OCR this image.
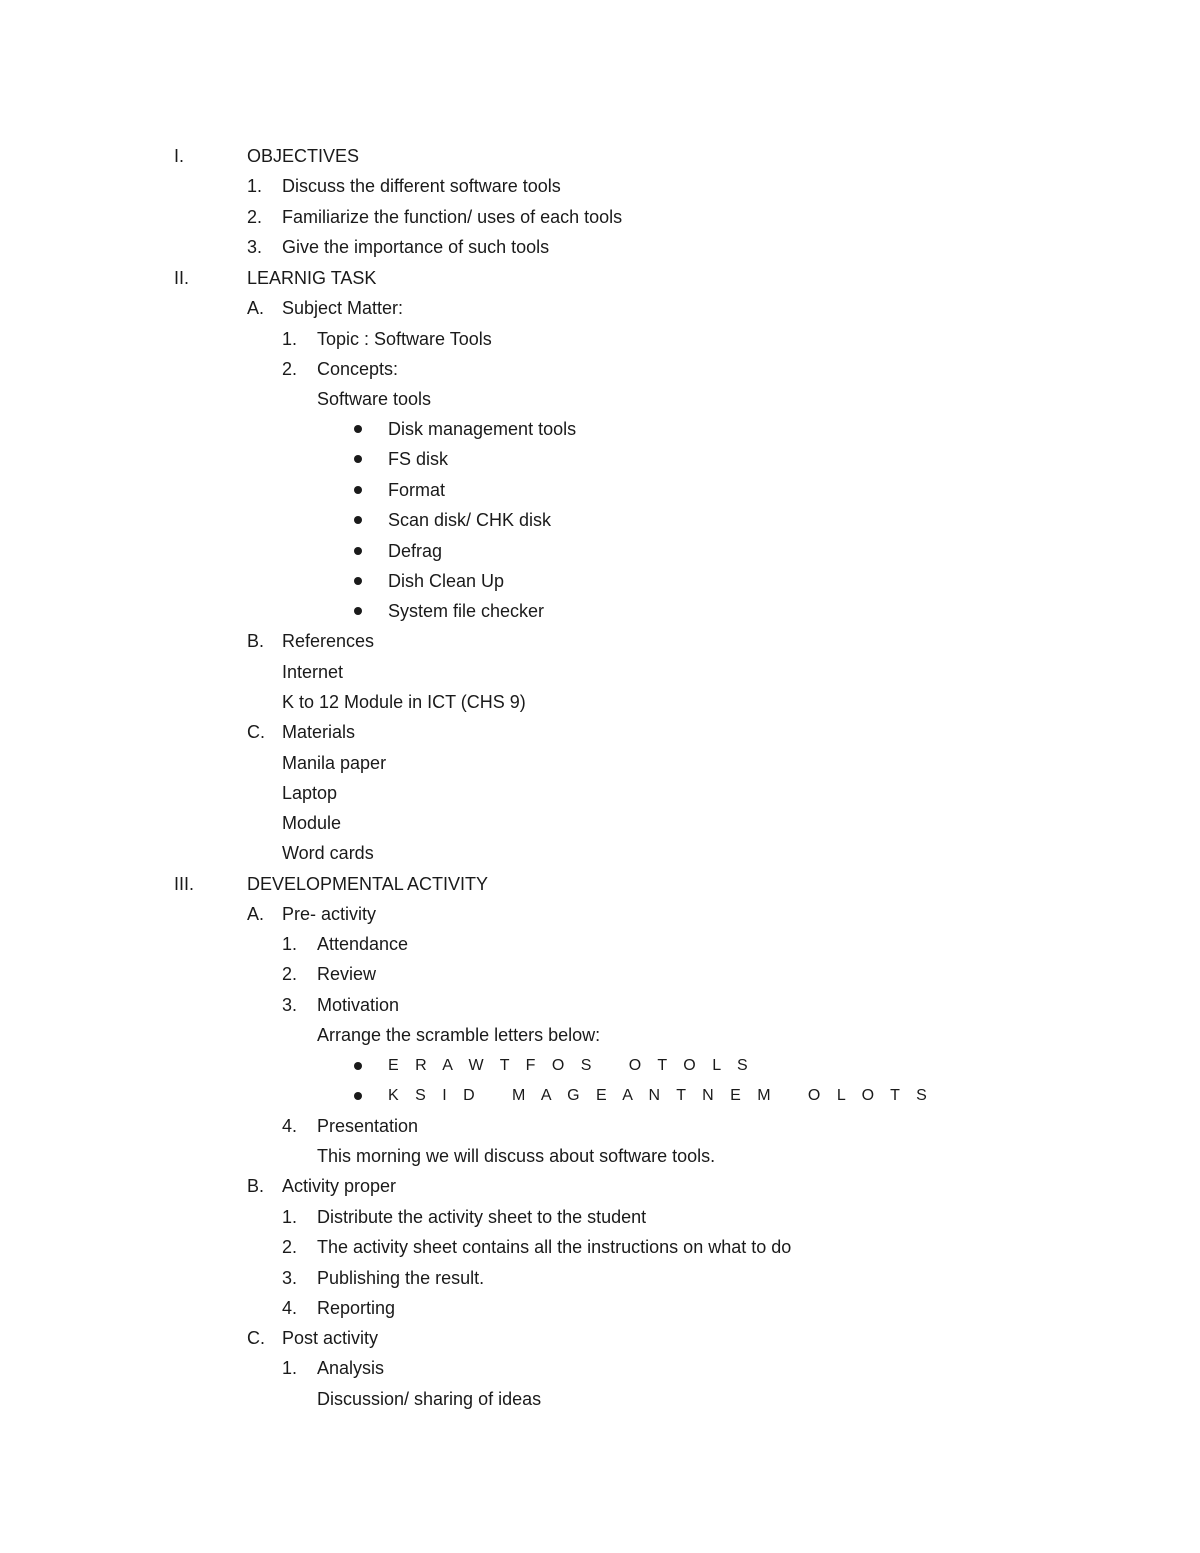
I.	OBJECTIVES
1. Discuss the different software tools
2. Familiarize the function/ uses of each tools
3. Give the importance of such tools
II.	LEARNIG TASK
A. Subject Matter:
1. Topic : Software Tools
2. Concepts:
Software tools
Disk management tools
FS disk
Format
Scan disk/ CHK disk
Defrag
Dish Clean Up
System file checker
B. References
Internet
K to 12 Module in ICT (CHS 9)
C. Materials
Manila paper
Laptop
Module
Word cards
III.	DEVELOPMENTAL ACTIVITY
A. Pre- activity
1. Attendance
2. Review
3. Motivation
Arrange the scramble letters below:
E R A W T F O S   O T O L S
K S I D   M A G E A N T N E M   O L O T S
4. Presentation
This morning we will discuss about software tools.
B. Activity proper
1. Distribute the activity sheet to the student
2. The activity sheet contains all the instructions on what to do
3. Publishing the result.
4. Reporting
C. Post activity
1. Analysis
Discussion/ sharing of ideas
